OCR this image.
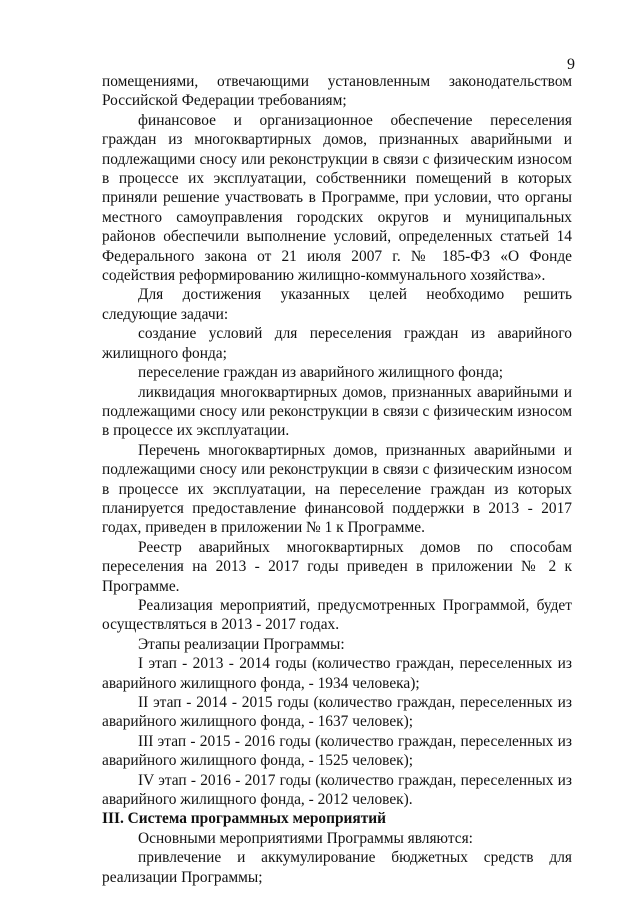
9

помещениями, отвечающими установленным законодательством Российской Федерации требованиям;

финансовое и организационное обеспечение переселения граждан из многоквартирных домов, признанных аварийными и подлежащими сносу или реконструкции в связи с физическим износом в процессе их эксплуатации, собственники помещений в которых приняли решение участвовать в Программе, при условии, что органы местного самоуправления городских округов и муниципальных районов обеспечили выполнение условий, определенных статьей 14 Федерального закона от 21 июля 2007 г. № 185-ФЗ «О Фонде содействия реформированию жилищно-коммунального хозяйства».

Для достижения указанных целей необходимо решить следующие задачи:

создание условий для переселения граждан из аварийного жилищного фонда;

переселение граждан из аварийного жилищного фонда;

ликвидация многоквартирных домов, признанных аварийными и подлежащими сносу или реконструкции в связи с физическим износом в процессе их эксплуатации.

Перечень многоквартирных домов, признанных аварийными и подлежащими сносу или реконструкции в связи с физическим износом в процессе их эксплуатации, на переселение граждан из которых планируется предоставление финансовой поддержки в 2013 - 2017 годах, приведен в приложении № 1 к Программе.

Реестр аварийных многоквартирных домов по способам переселения на 2013 - 2017 годы приведен в приложении № 2 к Программе.

Реализация мероприятий, предусмотренных Программой, будет осуществляться в 2013 - 2017 годах.

Этапы реализации Программы:

I этап - 2013 - 2014 годы (количество граждан, переселенных из аварийного жилищного фонда, - 1934 человека);

II этап - 2014 - 2015 годы (количество граждан, переселенных из аварийного жилищного фонда, - 1637 человек);

III этап - 2015 - 2016 годы (количество граждан, переселенных из аварийного жилищного фонда, - 1525 человек);

IV этап - 2016 - 2017 годы (количество граждан, переселенных из аварийного жилищного фонда, - 2012 человек).

III. Система программных мероприятий

Основными мероприятиями Программы являются:

привлечение и аккумулирование бюджетных средств для реализации Программы;
